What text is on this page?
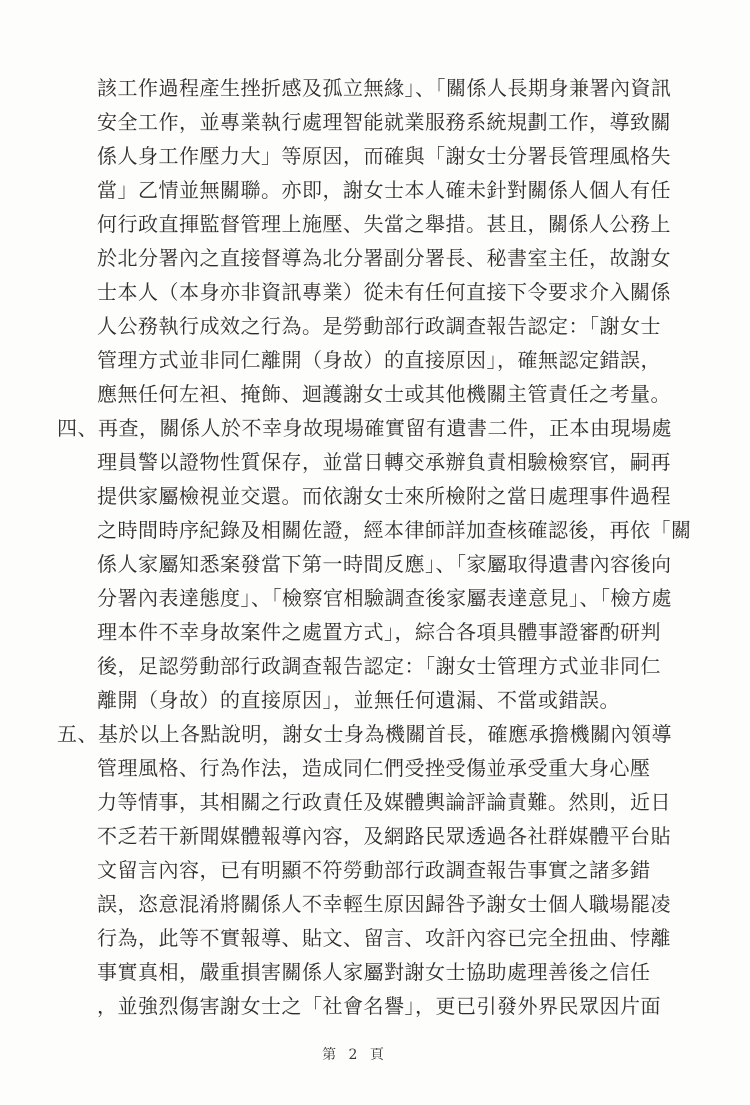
該工作過程產生挫折感及孤立無緣」、「關係人長期身兼署內資訊
安全工作，並專業執行處理智能就業服務系統規劃工作，導致關
係人身工作壓力大」等原因，而確與「謝女士分署長管理風格失
當」乙情並無關聯。亦即，謝女士本人確未針對關係人個人有任
何行政直揮監督管理上施壓、失當之舉措。甚且，關係人公務上
於北分署內之直接督導為北分署副分署長、秘書室主任，故謝女
士本人（本身亦非資訊專業）從未有任何直接下令要求介入關係
人公務執行成效之行為。是勞動部行政調查報告認定：「謝女士
管理方式並非同仁離開（身故）的直接原因」，確無認定錯誤，
應無任何左袒、掩飾、迴護謝女士或其他機關主管責任之考量。
四、再查，關係人於不幸身故現場確實留有遺書二件，正本由現場處
理員警以證物性質保存，並當日轉交承辦負責相驗檢察官，嗣再
提供家屬檢視並交還。而依謝女士來所檢附之當日處理事件過程
之時間時序紀錄及相關佐證，經本律師詳加查核確認後，再依「關
係人家屬知悉案發當下第一時間反應」、「家屬取得遺書內容後向
分署內表達態度」、「檢察官相驗調查後家屬表達意見」、「檢方處
理本件不幸身故案件之處置方式」，綜合各項具體事證審酌研判
後，足認勞動部行政調查報告認定：「謝女士管理方式並非同仁
離開（身故）的直接原因」，並無任何遺漏、不當或錯誤。
五、基於以上各點說明，謝女士身為機關首長，確應承擔機關內領導
管理風格、行為作法，造成同仁們受挫受傷並承受重大身心壓
力等情事，其相關之行政責任及媒體輿論評論責難。然則，近日
不乏若干新聞媒體報導內容，及網路民眾透過各社群媒體平台貼
文留言內容，已有明顯不符勞動部行政調查報告事實之諸多錯
誤，恣意混淆將關係人不幸輕生原因歸咎予謝女士個人職場罷凌
行為，此等不實報導、貼文、留言、攻訐內容已完全扭曲、悖離
事實真相，嚴重損害關係人家屬對謝女士協助處理善後之信任
，並強烈傷害謝女士之「社會名譽」，更已引發外界民眾因片面
第 2 頁
